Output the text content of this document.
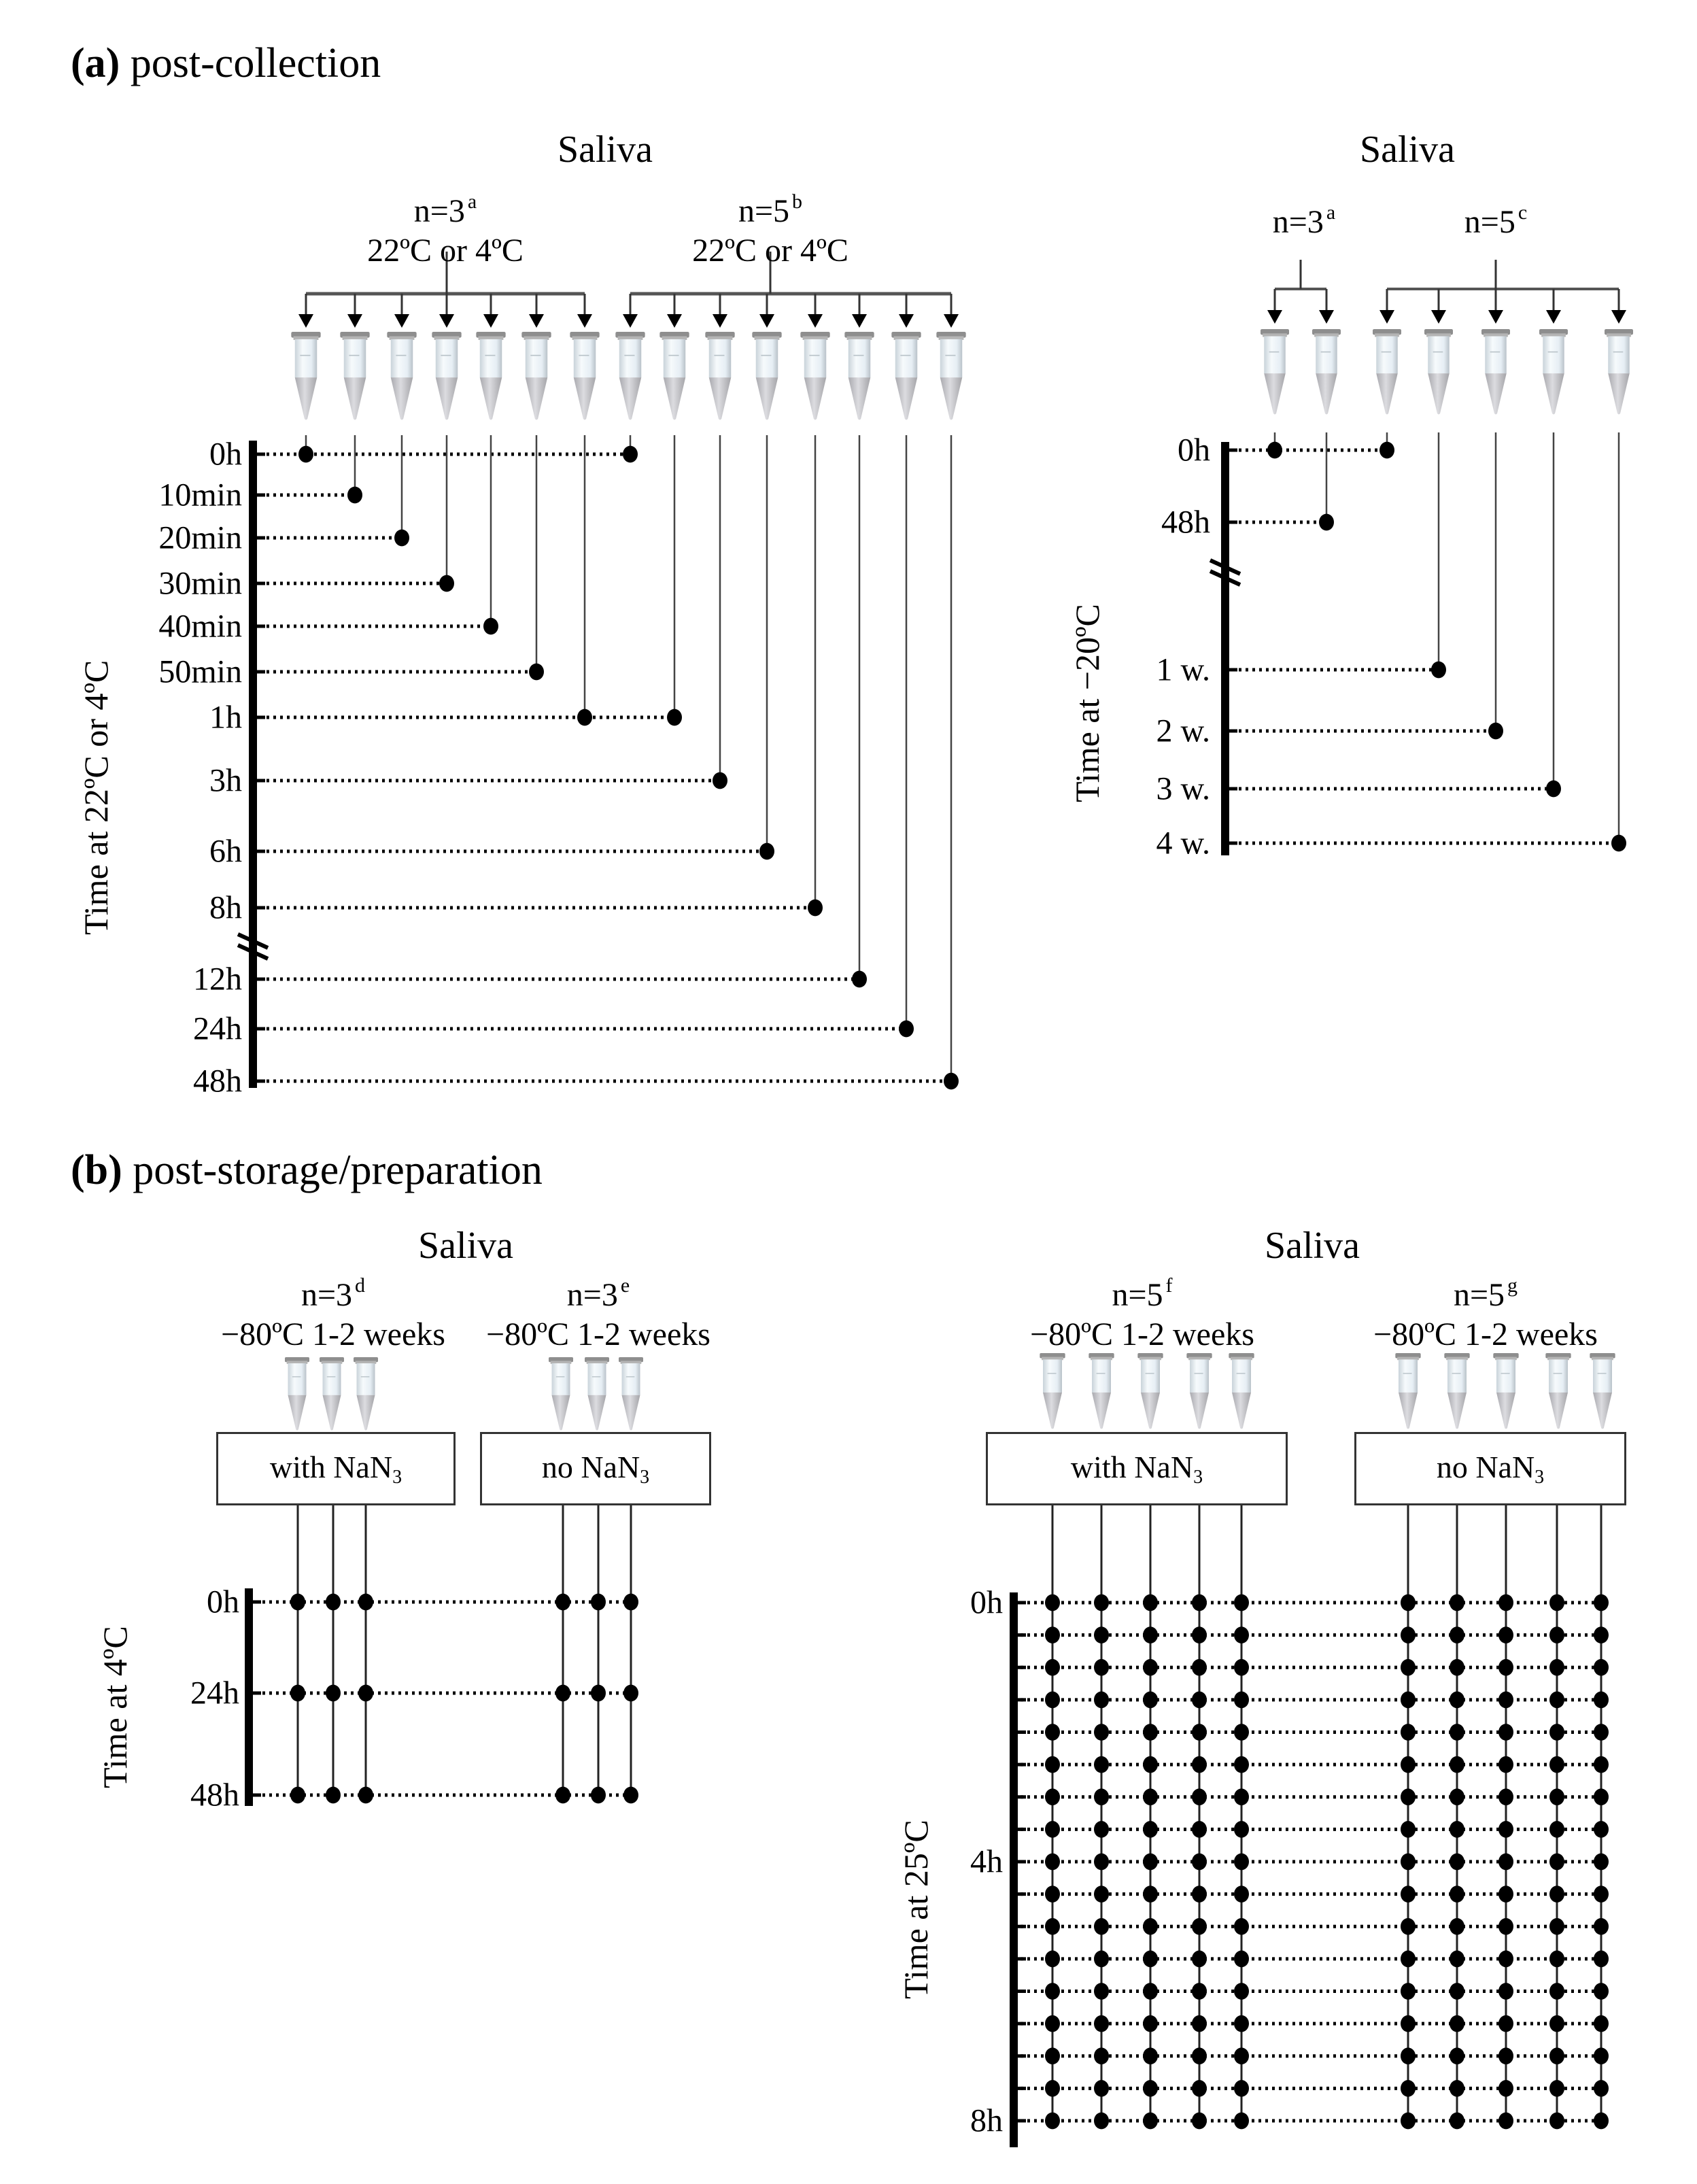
(a) post-collection
Saliva
n=3 $^a$
22ºC or 4ºC
n=5 $^b$
22ºC or 4ºC
Saliva
n=3 $^a$	n=5 $^c$
0h
10min
20min
30min
40min
50min
1h
3h
6h
8h
12h
24h
48h
Time at 22ºC or 4ºC
0h
48h
1 w.
2 w.
3 w.
4 w.
Time at −20ºC
(b) post-storage/preparation
Saliva
n=3 $^d$
−80ºC 1-2 weeks
n=3 $^e$
−80ºC 1-2 weeks
with NaN$_3$	no NaN$_3$
0h
24h
48h
Time at 4ºC
Saliva
n=5 $^f$
−80ºC 1-2 weeks
n=5 $^g$
−80ºC 1-2 weeks
with NaN$_3$	no NaN$_3$
0h
4h
8h
Time at 25ºC
